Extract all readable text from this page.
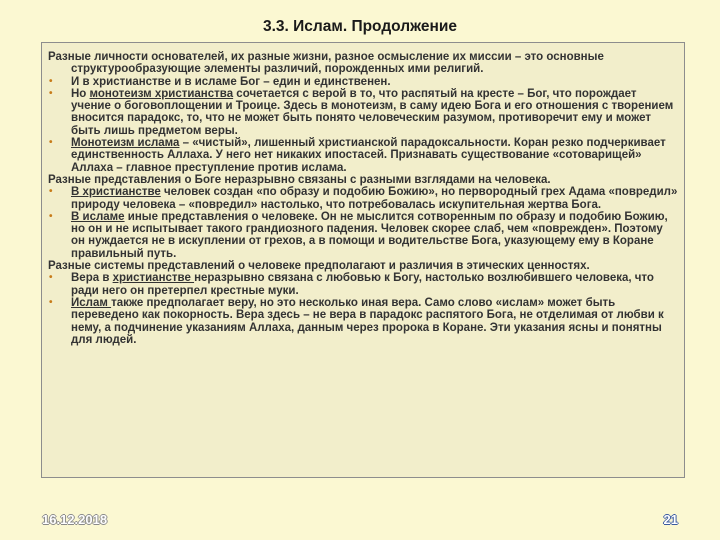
3.3. Ислам. Продолжение

Разные личности основателей, их разные жизни, разное осмысление их миссии – это основные структурообразующие элементы различий, порожденных ими религий.

• И в христианстве и в исламе Бог – един и единственен.

• Но монотеизм христианства сочетается с верой в то, что распятый на кресте – Бог, что порождает учение о боговоплощении и Троице. Здесь в монотеизм, в саму идею Бога и его отношения с творением вносится парадокс, то, что не может быть понято человеческим разумом, противоречит ему и может быть лишь предметом веры.

• Монотеизм ислама – «чистый», лишенный христианской парадоксальности. Коран резко подчеркивает единственность Аллаха. У него нет никаких ипостасей. Признавать существование «сотоварищей» Аллаха – главное преступление против ислама.

Разные представления о Боге неразрывно связаны с разными взглядами на человека.

• В христианстве человек создан «по образу и подобию Божию», но первородный грех Адама «повредил» природу человека – «повредил» настолько, что потребовалась искупительная жертва Бога.

• В исламе иные представления о человеке. Он не мыслится сотворенным по образу и подобию Божию, но он и не испытывает такого грандиозного падения. Человек скорее слаб, чем «поврежден». Поэтому он нуждается не в искуплении от грехов, а в помощи и водительстве Бога, указующему ему в Коране правильный путь.

Разные системы представлений о человеке предполагают и различия в этических ценностях.

• Вера в христианстве неразрывно связана с любовью к Богу, настолько возлюбившего человека, что ради него он претерпел крестные муки.

• Ислам также предполагает веру, но это несколько иная вера. Само слово «ислам» может быть переведено как покорность. Вера здесь – не вера в парадокс распятого Бога, не отделимая от любви к нему, а подчинение указаниям Аллаха, данным через пророка в Коране. Эти указания ясны и понятны для людей.

16.12.2018	21
